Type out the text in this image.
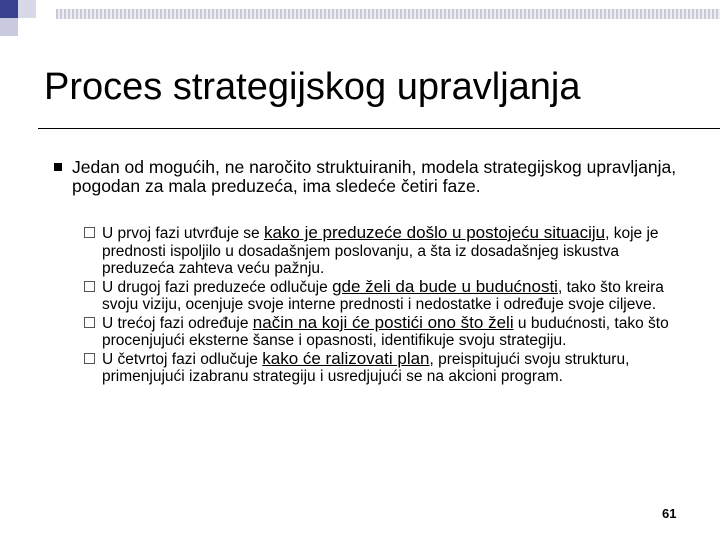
Proces strategijskog upravljanja
Jedan od mogućih, ne naročito struktuiranih, modela strategijskog upravljanja, pogodan za mala preduzeća, ima sledeće četiri faze.
U prvoj fazi utvrđuje se kako je preduzeće došlo u postojeću situaciju, koje je prednosti ispoljilo u dosadašnjem poslovanju, a šta iz dosadašnjeg iskustva preduzeća zahteva veću pažnju.
U drugoj fazi preduzeće odlučuje gde želi da bude u budućnosti, tako što kreira svoju viziju, ocenjuje svoje interne prednosti i nedostatke i određuje svoje ciljeve.
U trećoj fazi određuje način na koji će postići ono što želi u budućnosti, tako što procenjujući eksterne šanse i opasnosti, identifikuje svoju strategiju.
U četvrtoj fazi odlučuje kako će ralizovati plan, preispitujući svoju strukturu, primenjujući izabranu strategiju i usredjujući se na akcioni program.
61
